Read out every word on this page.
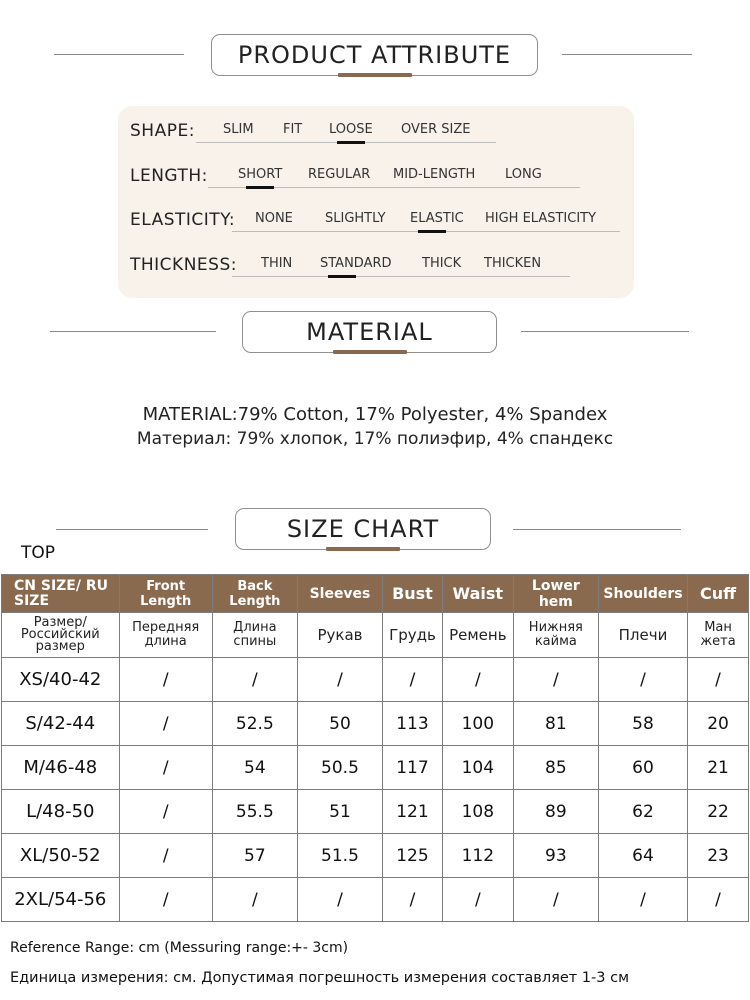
PRODUCT ATTRIBUTE
SHAPE: SLIM FIT LOOSE OVER SIZE
LENGTH: SHORT REGULAR MID-LENGTH LONG
ELASTICITY: NONE SLIGHTLY ELASTIC HIGH ELASTICITY
THICKNESS: THIN STANDARD THICK THICKEN
MATERIAL
MATERIAL:79% Cotton, 17% Polyester, 4% Spandex
Материал: 79% хлопок, 17% полиэфир, 4% спандекс
SIZE CHART
TOP
CN SIZE/ RU SIZE	Front Length	Back Length	Sleeves	Bust	Waist	Lower hem	Shoulders	Cuff
Размер/ Российский размер	Передняя длина	Длина спины	Рукав	Грудь	Ремень	Нижняя кайма	Плечи	Ман жета
XS/40-42	/	/	/	/	/	/	/	/
S/42-44	/	52.5	50	113	100	81	58	20
M/46-48	/	54	50.5	117	104	85	60	21
L/48-50	/	55.5	51	121	108	89	62	22
XL/50-52	/	57	51.5	125	112	93	64	23
2XL/54-56	/	/	/	/	/	/	/	/
Reference Range: cm (Messuring range:+- 3cm)
Единица измерения: см. Допустимая погрешность измерения составляет 1-3 см
